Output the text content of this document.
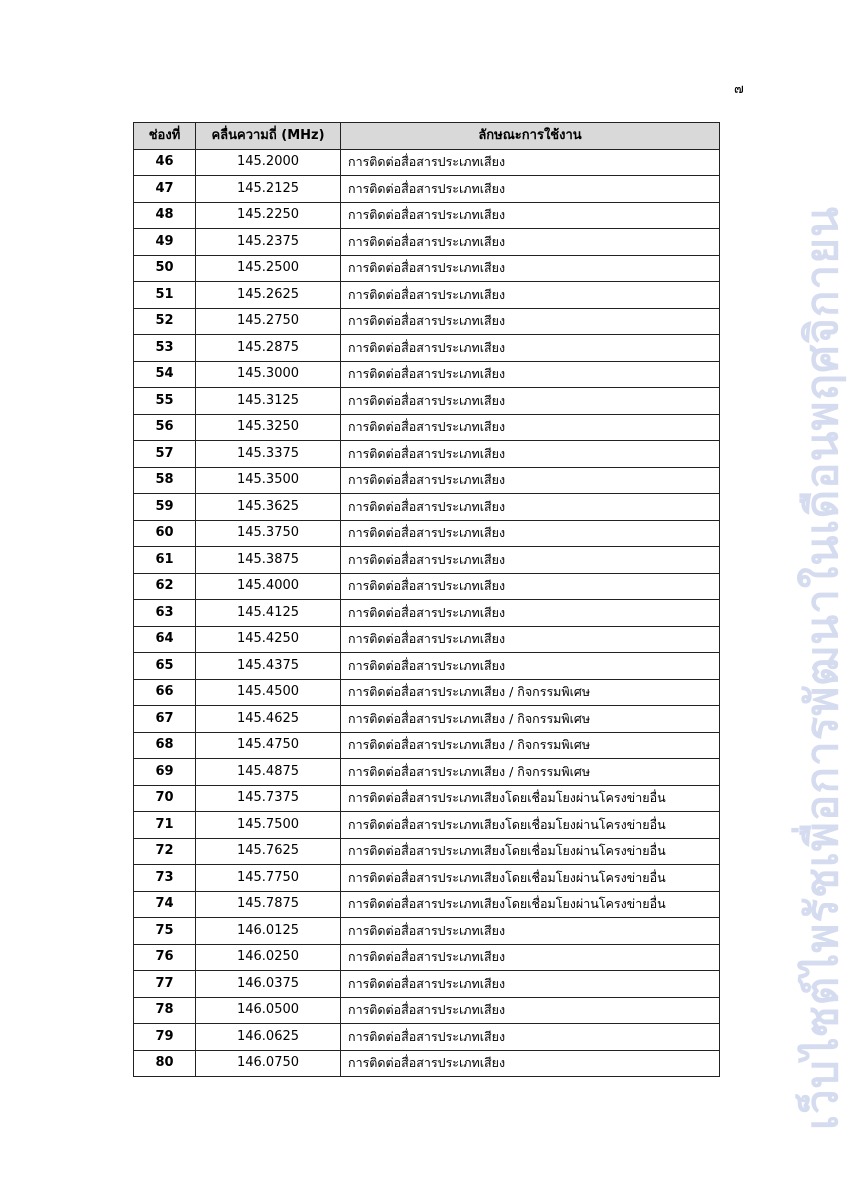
๗
เว็บไซต์ไพรัชเพื่อการพัฒนาในเดือนพฤศจิกายน
ช่องที่	คลื่นความถี่ (MHz)	ลักษณะการใช้งาน
46	145.2000	การติดต่อสื่อสารประเภทเสียง
47	145.2125	การติดต่อสื่อสารประเภทเสียง
48	145.2250	การติดต่อสื่อสารประเภทเสียง
49	145.2375	การติดต่อสื่อสารประเภทเสียง
50	145.2500	การติดต่อสื่อสารประเภทเสียง
51	145.2625	การติดต่อสื่อสารประเภทเสียง
52	145.2750	การติดต่อสื่อสารประเภทเสียง
53	145.2875	การติดต่อสื่อสารประเภทเสียง
54	145.3000	การติดต่อสื่อสารประเภทเสียง
55	145.3125	การติดต่อสื่อสารประเภทเสียง
56	145.3250	การติดต่อสื่อสารประเภทเสียง
57	145.3375	การติดต่อสื่อสารประเภทเสียง
58	145.3500	การติดต่อสื่อสารประเภทเสียง
59	145.3625	การติดต่อสื่อสารประเภทเสียง
60	145.3750	การติดต่อสื่อสารประเภทเสียง
61	145.3875	การติดต่อสื่อสารประเภทเสียง
62	145.4000	การติดต่อสื่อสารประเภทเสียง
63	145.4125	การติดต่อสื่อสารประเภทเสียง
64	145.4250	การติดต่อสื่อสารประเภทเสียง
65	145.4375	การติดต่อสื่อสารประเภทเสียง
66	145.4500	การติดต่อสื่อสารประเภทเสียง / กิจกรรมพิเศษ
67	145.4625	การติดต่อสื่อสารประเภทเสียง / กิจกรรมพิเศษ
68	145.4750	การติดต่อสื่อสารประเภทเสียง / กิจกรรมพิเศษ
69	145.4875	การติดต่อสื่อสารประเภทเสียง / กิจกรรมพิเศษ
70	145.7375	การติดต่อสื่อสารประเภทเสียงโดยเชื่อมโยงผ่านโครงข่ายอื่น
71	145.7500	การติดต่อสื่อสารประเภทเสียงโดยเชื่อมโยงผ่านโครงข่ายอื่น
72	145.7625	การติดต่อสื่อสารประเภทเสียงโดยเชื่อมโยงผ่านโครงข่ายอื่น
73	145.7750	การติดต่อสื่อสารประเภทเสียงโดยเชื่อมโยงผ่านโครงข่ายอื่น
74	145.7875	การติดต่อสื่อสารประเภทเสียงโดยเชื่อมโยงผ่านโครงข่ายอื่น
75	146.0125	การติดต่อสื่อสารประเภทเสียง
76	146.0250	การติดต่อสื่อสารประเภทเสียง
77	146.0375	การติดต่อสื่อสารประเภทเสียง
78	146.0500	การติดต่อสื่อสารประเภทเสียง
79	146.0625	การติดต่อสื่อสารประเภทเสียง
80	146.0750	การติดต่อสื่อสารประเภทเสียง
